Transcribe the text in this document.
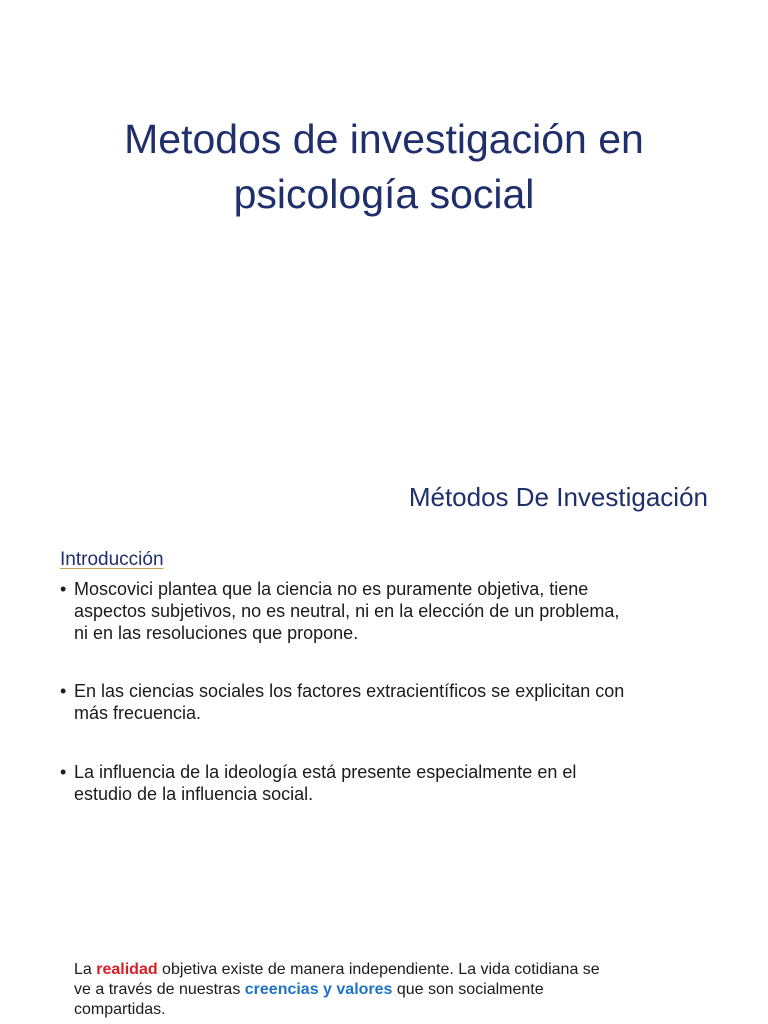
Metodos de investigación en
psicología social
Métodos De Investigación
Introducción
• Moscovici plantea que la ciencia no es puramente objetiva, tiene
aspectos subjetivos, no es neutral, ni en la elección de un problema,
ni en las resoluciones que propone.
• En las ciencias sociales los factores extracientíficos se explicitan con
más frecuencia.
• La influencia de la ideología está presente especialmente en el
estudio de la influencia social.

La realidad objetiva existe de manera independiente. La vida cotidiana se
ve a través de nuestras creencias y valores que son socialmente
compartidas.
